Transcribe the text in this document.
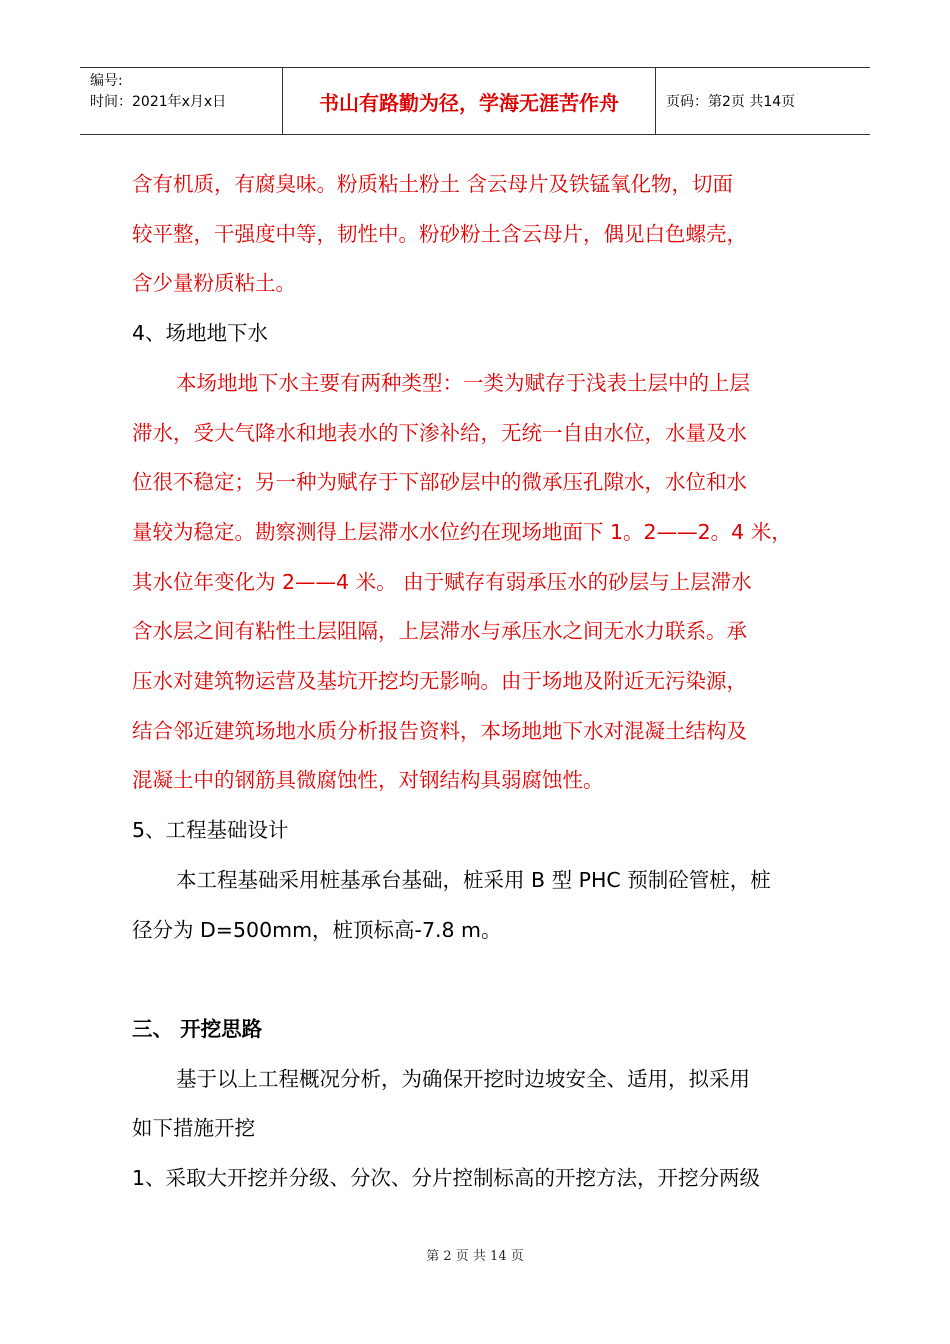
编号:
时间：2021年x月x日	书山有路勤为径，学海无涯苦作舟	页码：第2页 共14页

含有机质，有腐臭味。粉质粘土粉土 含云母片及铁锰氧化物，切面

较平整，干强度中等，韧性中。粉砂粉土含云母片，偶见白色螺壳，

含少量粉质粘土。

4、场地地下水

本场地地下水主要有两种类型：一类为赋存于浅表土层中的上层

滞水，受大气降水和地表水的下渗补给，无统一自由水位，水量及水

位很不稳定；另一种为赋存于下部砂层中的微承压孔隙水，水位和水

量较为稳定。勘察测得上层滞水水位约在现场地面下 1。2——2。4 米，

其水位年变化为 2——4 米。 由于赋存有弱承压水的砂层与上层滞水

含水层之间有粘性土层阻隔，上层滞水与承压水之间无水力联系。承

压水对建筑物运营及基坑开挖均无影响。由于场地及附近无污染源，

结合邻近建筑场地水质分析报告资料，本场地地下水对混凝土结构及

混凝土中的钢筋具微腐蚀性，对钢结构具弱腐蚀性。

5、工程基础设计

本工程基础采用桩基承台基础，桩采用 B 型 PHC 预制砼管桩，桩

径分为 D=500mm，桩顶标高-7.8 m。

三、 开挖思路

基于以上工程概况分析，为确保开挖时边坡安全、适用，拟采用

如下措施开挖

1、采取大开挖并分级、分次、分片控制标高的开挖方法，开挖分两级

第 2 页 共 14 页
